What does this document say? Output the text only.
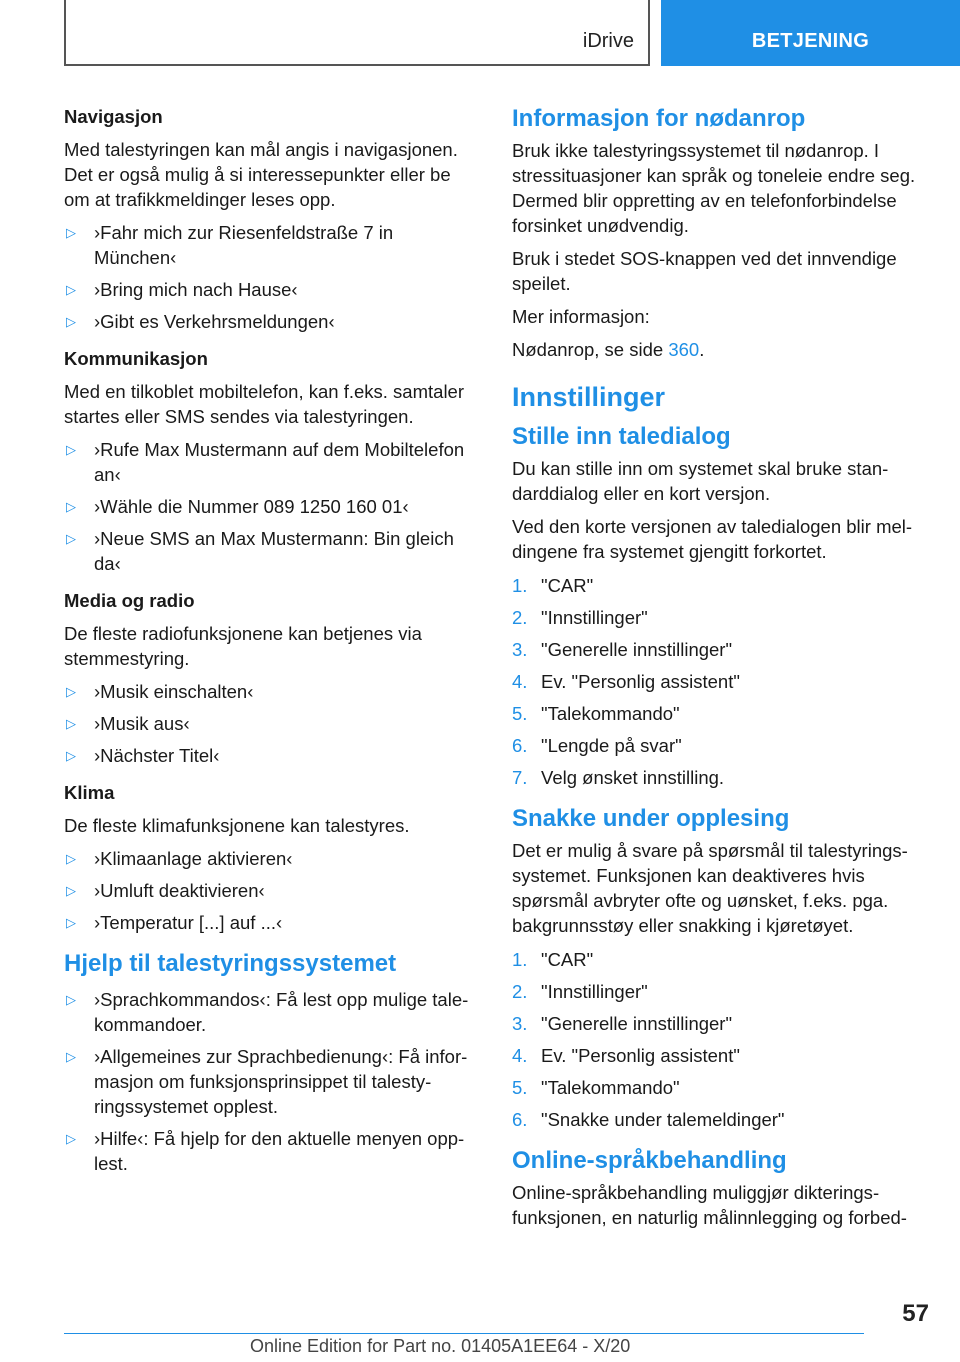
iDrive	BETJENING
Navigasjon

Med talestyringen kan mål angis i navigasjonen. Det er også mulig å si interessepunkter eller be om at trafikkmeldinger leses opp.

▷ ›Fahr mich zur Riesenfeldstraße 7 in München‹
▷ ›Bring mich nach Hause‹
▷ ›Gibt es Verkehrsmeldungen‹
Kommunikasjon

Med en tilkoblet mobiltelefon, kan f.eks. samtaler startes eller SMS sendes via talestyringen.

▷ ›Rufe Max Mustermann auf dem Mobiltelefon an‹
▷ ›Wähle die Nummer 089 1250 160 01‹
▷ ›Neue SMS an Max Mustermann: Bin gleich da‹
Media og radio

De fleste radiofunksjonene kan betjenes via stemmestyring.

▷ ›Musik einschalten‹
▷ ›Musik aus‹
▷ ›Nächster Titel‹
Klima

De fleste klimafunksjonene kan talestyres.

▷ ›Klimaanlage aktivieren‹
▷ ›Umluft deaktivieren‹
▷ ›Temperatur [...] auf ...‹
Hjelp til talestyringssystemet
▷ ›Sprachkommandos‹: Få lest opp mulige talekommandoer.
▷ ›Allgemeines zur Sprachbedienung‹: Få informasjon om funksjonsprinsippet til talestyringssystemet opplest.
▷ ›Hilfe‹: Få hjelp for den aktuelle menyen opplest.
Informasjon for nødanrop

Bruk ikke talestyringssystemet til nødanrop. I stressituasjoner kan språk og toneleie endre seg. Dermed blir oppretting av en telefonforbindelse forsinket unødvendig.

Bruk i stedet SOS-knappen ved det innvendige speilet.

Mer informasjon:

Nødanrop, se side 360.

Innstillinger
Stille inn taledialog

Du kan stille inn om systemet skal bruke standarddialog eller en kort versjon.

Ved den korte versjonen av taledialogen blir meldingene fra systemet gjengitt forkortet.

1. "CAR"
2. "Innstillinger"
3. "Generelle innstillinger"
4. Ev. "Personlig assistent"
5. "Talekommando"
6. "Lengde på svar"
7. Velg ønsket innstilling.
Snakke under opplesing

Det er mulig å svare på spørsmål til talestyringssystemet. Funksjonen kan deaktiveres hvis spørsmål avbryter ofte og uønsket, f.eks. pga. bakgrunnsstøy eller snakking i kjøretøyet.

1. "CAR"
2. "Innstillinger"
3. "Generelle innstillinger"
4. Ev. "Personlig assistent"
5. "Talekommando"
6. "Snakke under talemeldinger"
Online-språkbehandling

Online-språkbehandling muliggjør dikteringsfunksjonen, en naturlig målinnlegging og forbed-

57
Online Edition for Part no. 01405A1EE64 - X/20
